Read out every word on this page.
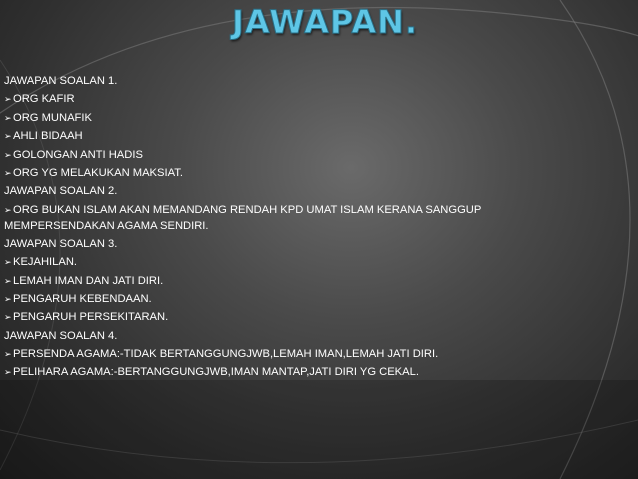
JAWAPAN.
JAWAPAN SOALAN 1.
➢ORG KAFIR
➢ORG MUNAFIK
➢AHLI BIDAAH
➢GOLONGAN ANTI HADIS
➢ORG YG MELAKUKAN MAKSIAT.
JAWAPAN SOALAN 2.
➢ORG BUKAN ISLAM AKAN MEMANDANG RENDAH KPD UMAT ISLAM KERANA SANGGUP MEMPERSENDAKAN AGAMA SENDIRI.
JAWAPAN SOALAN 3.
➢KEJAHILAN.
➢LEMAH IMAN DAN JATI DIRI.
➢PENGARUH KEBENDAAN.
➢PENGARUH PERSEKITARAN.
JAWAPAN SOALAN 4.
➢PERSENDA AGAMA:-TIDAK BERTANGGUNGJWB,LEMAH IMAN,LEMAH JATI DIRI.
➢PELIHARA AGAMA:-BERTANGGUNGJWB,IMAN MANTAP,JATI DIRI YG CEKAL.
